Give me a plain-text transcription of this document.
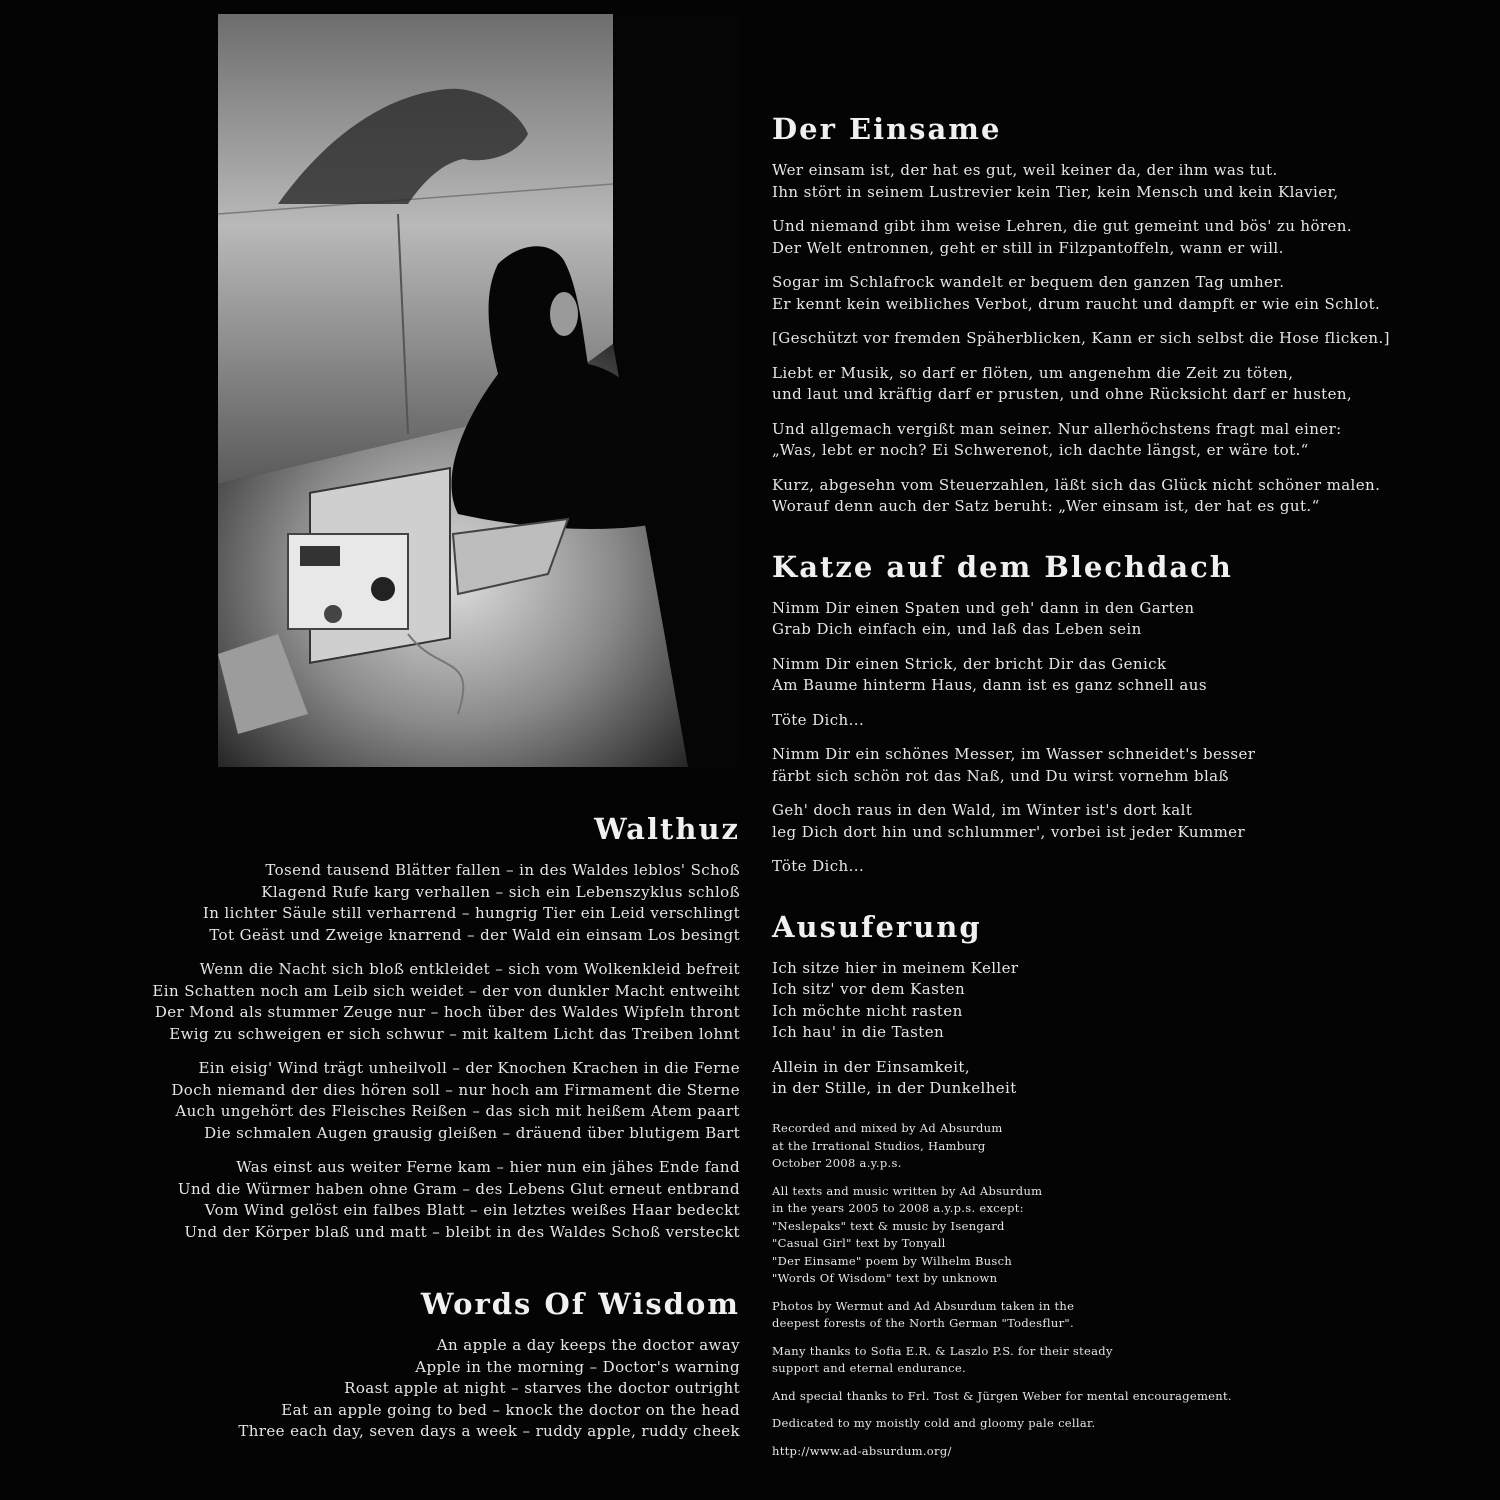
Der Einsame
Wer einsam ist, der hat es gut, weil keiner da, der ihm was tut.
Ihn stört in seinem Lustrevier kein Tier, kein Mensch und kein Klavier,
Und niemand gibt ihm weise Lehren, die gut gemeint und bös' zu hören.
Der Welt entronnen, geht er still in Filzpantoffeln, wann er will.
Sogar im Schlafrock wandelt er bequem den ganzen Tag umher.
Er kennt kein weibliches Verbot, drum raucht und dampft er wie ein Schlot.
[Geschützt vor fremden Späherblicken, Kann er sich selbst die Hose flicken.]
Liebt er Musik, so darf er flöten, um angenehm die Zeit zu töten,
und laut und kräftig darf er prusten, und ohne Rücksicht darf er husten,
Und allgemach vergißt man seiner. Nur allerhöchstens fragt mal einer:
„Was, lebt er noch? Ei Schwerenot, ich dachte längst, er wäre tot.“
Kurz, abgesehn vom Steuerzahlen, läßt sich das Glück nicht schöner malen.
Worauf denn auch der Satz beruht: „Wer einsam ist, der hat es gut.“
Katze auf dem Blechdach
Nimm Dir einen Spaten und geh' dann in den Garten
Grab Dich einfach ein, und laß das Leben sein
Nimm Dir einen Strick, der bricht Dir das Genick
Am Baume hinterm Haus, dann ist es ganz schnell aus
Töte Dich...
Nimm Dir ein schönes Messer, im Wasser schneidet's besser
färbt sich schön rot das Naß, und Du wirst vornehm blaß
Geh' doch raus in den Wald, im Winter ist's dort kalt
leg Dich dort hin und schlummer', vorbei ist jeder Kummer
Töte Dich...
Ausuferung
Ich sitze hier in meinem Keller
Ich sitz' vor dem Kasten
Ich möchte nicht rasten
Ich hau' in die Tasten
Allein in der Einsamkeit,
in der Stille, in der Dunkelheit
Recorded and mixed by Ad Absurdum
at the Irrational Studios, Hamburg
October 2008 a.y.p.s.
All texts and music written by Ad Absurdum
in the years 2005 to 2008 a.y.p.s. except:
"Neslepaks" text & music by Isengard
"Casual Girl" text by Tonyall
"Der Einsame" poem by Wilhelm Busch
"Words Of Wisdom" text by unknown
Photos by Wermut and Ad Absurdum taken in the
deepest forests of the North German "Todesflur".
Many thanks to Sofia E.R. & Laszlo P.S. for their steady
support and eternal endurance.
And special thanks to Frl. Tost & Jürgen Weber for mental encouragement.
Dedicated to my moistly cold and gloomy pale cellar.
http://www.ad-absurdum.org/
Walthuz
Tosend tausend Blätter fallen – in des Waldes leblos' Schoß
Klagend Rufe karg verhallen – sich ein Lebenszyklus schloß
In lichter Säule still verharrend – hungrig Tier ein Leid verschlingt
Tot Geäst und Zweige knarrend – der Wald ein einsam Los besingt
Wenn die Nacht sich bloß entkleidet – sich vom Wolkenkleid befreit
Ein Schatten noch am Leib sich weidet – der von dunkler Macht entweiht
Der Mond als stummer Zeuge nur – hoch über des Waldes Wipfeln thront
Ewig zu schweigen er sich schwur – mit kaltem Licht das Treiben lohnt
Ein eisig' Wind trägt unheilvoll – der Knochen Krachen in die Ferne
Doch niemand der dies hören soll – nur hoch am Firmament die Sterne
Auch ungehört des Fleisches Reißen – das sich mit heißem Atem paart
Die schmalen Augen grausig gleißen – dräuend über blutigem Bart
Was einst aus weiter Ferne kam – hier nun ein jähes Ende fand
Und die Würmer haben ohne Gram – des Lebens Glut erneut entbrand
Vom Wind gelöst ein falbes Blatt – ein letztes weißes Haar bedeckt
Und der Körper blaß und matt – bleibt in des Waldes Schoß versteckt
Words Of Wisdom
An apple a day keeps the doctor away
Apple in the morning – Doctor's warning
Roast apple at night – starves the doctor outright
Eat an apple going to bed – knock the doctor on the head
Three each day, seven days a week – ruddy apple, ruddy cheek
